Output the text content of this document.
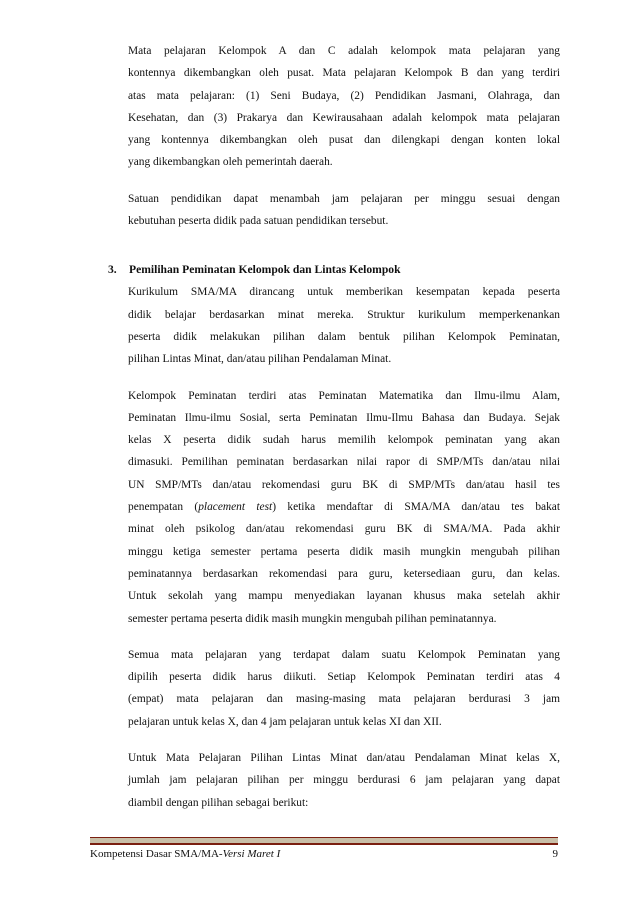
Mata pelajaran Kelompok A dan C adalah kelompok mata pelajaran yang
kontennya dikembangkan oleh pusat. Mata pelajaran Kelompok B dan yang terdiri
atas mata pelajaran: (1) Seni Budaya, (2) Pendidikan Jasmani, Olahraga, dan
Kesehatan, dan (3) Prakarya dan Kewirausahaan adalah kelompok mata pelajaran
yang kontennya dikembangkan oleh pusat dan dilengkapi dengan konten lokal
yang dikembangkan oleh pemerintah daerah.

Satuan pendidikan dapat menambah jam pelajaran per minggu sesuai dengan
kebutuhan peserta didik pada satuan pendidikan tersebut.

Kurikulum SMA/MA dirancang untuk memberikan kesempatan kepada peserta
didik belajar berdasarkan minat mereka. Struktur kurikulum memperkenankan
peserta didik melakukan pilihan dalam bentuk pilihan Kelompok Peminatan,
pilihan Lintas Minat, dan/atau pilihan Pendalaman Minat.

Kelompok Peminatan terdiri atas Peminatan Matematika dan Ilmu-ilmu Alam,
Peminatan Ilmu-ilmu Sosial, serta Peminatan Ilmu-Ilmu Bahasa dan Budaya. Sejak
kelas X peserta didik sudah harus memilih kelompok peminatan yang akan
dimasuki. Pemilihan peminatan berdasarkan nilai rapor di SMP/MTs dan/atau nilai
UN SMP/MTs dan/atau rekomendasi guru BK di SMP/MTs dan/atau hasil tes
penempatan (placement test) ketika mendaftar di SMA/MA dan/atau tes bakat
minat oleh psikolog dan/atau rekomendasi guru BK di SMA/MA. Pada akhir
minggu ketiga semester pertama peserta didik masih mungkin mengubah pilihan
peminatannya berdasarkan rekomendasi para guru, ketersediaan guru, dan kelas.
Untuk sekolah yang mampu menyediakan layanan khusus maka setelah akhir
semester pertama peserta didik masih mungkin mengubah pilihan peminatannya.

Semua mata pelajaran yang terdapat dalam suatu Kelompok Peminatan yang
dipilih peserta didik harus diikuti. Setiap Kelompok Peminatan terdiri atas 4
(empat) mata pelajaran dan masing-masing mata pelajaran berdurasi 3 jam
pelajaran untuk kelas X, dan 4 jam pelajaran untuk kelas XI dan XII.

Untuk Mata Pelajaran Pilihan Lintas Minat dan/atau Pendalaman Minat kelas X,
jumlah jam pelajaran pilihan per minggu berdurasi 6 jam pelajaran yang dapat
diambil dengan pilihan sebagai berikut:

3. Pemilihan Peminatan Kelompok dan Lintas Kelompok
Kompetensi Dasar SMA/MA-Versi Maret I	9
